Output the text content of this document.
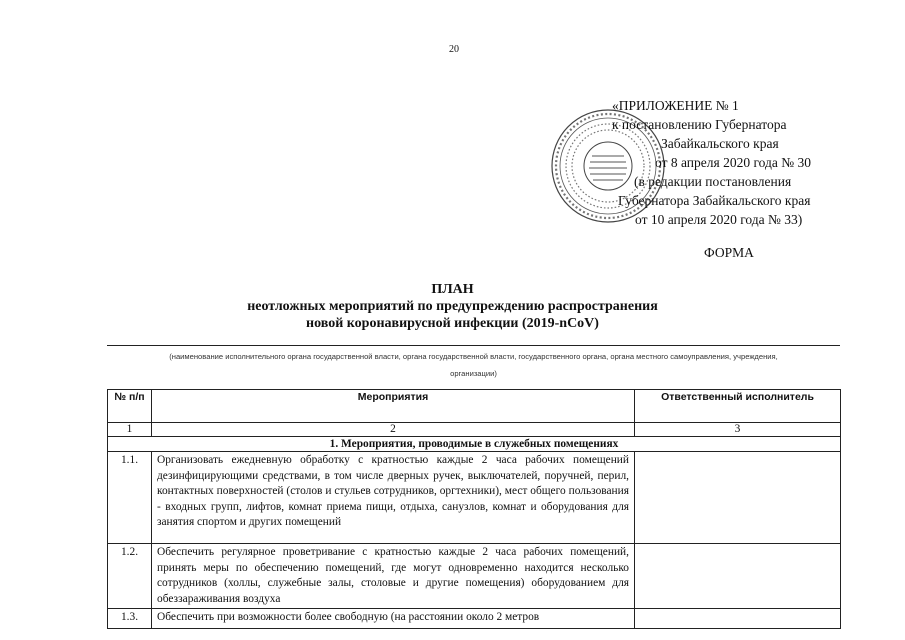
20
«ПРИЛОЖЕНИЕ № 1
к постановлению Губернатора
Забайкальского края
от 8 апреля 2020 года № 30
(в редакции постановления
Губернатора Забайкальского края
от 10 апреля 2020 года № 33)
ФОРМА
ПЛАН
неотложных мероприятий по предупреждению распространения
новой коронавирусной инфекции (2019-nCoV)
(наименование исполнительного органа государственной власти, органа государственной власти, государственного органа, органа местного самоуправления, учреждения,
организации)
№ п/п	Мероприятия	Ответственный исполнитель
1	2	3
1. Мероприятия, проводимые в служебных помещениях		
1.1.	Организовать ежедневную обработку с кратностью каждые 2 часа рабочих помещений дезинфицирующими средствами, в том числе дверных ручек, выключателей, поручней, перил, контактных поверхностей (столов и стульев сотрудников, оргтехники), мест общего пользования - входных групп, лифтов, комнат приема пищи, отдыха, санузлов, комнат и оборудования для занятия спортом и других помещений	
1.2.	Обеспечить регулярное проветривание с кратностью каждые 2 часа рабочих помещений, принять меры по обеспечению помещений, где могут одновременно находится несколько сотрудников (холлы, служебные залы, столовые и другие помещения) оборудованием для обеззараживания воздуха	
1.3.	Обеспечить при возможности более свободную (на расстоянии около 2 метров	
